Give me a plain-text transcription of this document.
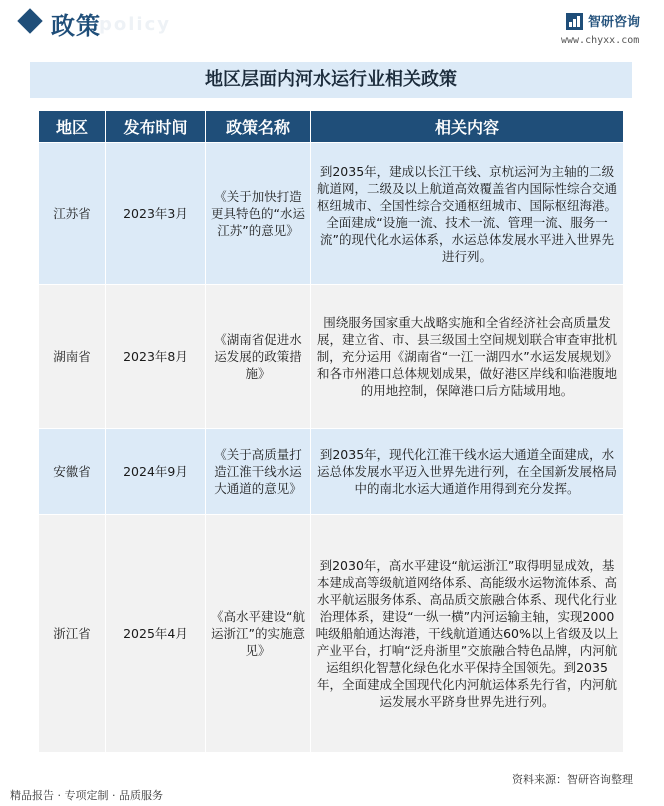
政策
policy	智研咨询
www.chyxx.com
地区层面内河水运行业相关政策
地区	发布时间	政策名称	相关内容
江苏省	2023年3月	《关于加快打造更具特色的“水运江苏”的意见》	到2035年，建成以长江干线、京杭运河为主轴的二级航道网，二级及以上航道高效覆盖省内国际性综合交通枢纽城市、全国性综合交通枢纽城市、国际枢纽海港。全面建成“设施一流、技术一流、管理一流、服务一流”的现代化水运体系，水运总体发展水平进入世界先进行列。
湖南省	2023年8月	《湖南省促进水运发展的政策措施》	围绕服务国家重大战略实施和全省经济社会高质量发展，建立省、市、县三级国土空间规划联合审查审批机制，充分运用《湖南省“一江一湖四水”水运发展规划》和各市州港口总体规划成果，做好港区岸线和临港腹地的用地控制，保障港口后方陆域用地。
安徽省	2024年9月	《关于高质量打造江淮干线水运大通道的意见》	到2035年，现代化江淮干线水运大通道全面建成，水运总体发展水平迈入世界先进行列，在全国新发展格局中的南北水运大通道作用得到充分发挥。
浙江省	2025年4月	《高水平建设“航运浙江”的实施意见》	到2030年，高水平建设“航运浙江”取得明显成效，基本建成高等级航道网络体系、高能级水运物流体系、高水平航运服务体系、高品质交旅融合体系、现代化行业治理体系，建设“一纵一横”内河运输主轴，实现2000吨级船舶通达海港，干线航道通达60%以上省级及以上产业平台，打响“泛舟浙里”交旅融合特色品牌，内河航运组织化智慧化绿色化水平保持全国领先。到2035年，全面建成全国现代化内河航运体系先行省，内河航运发展水平跻身世界先进行列。
资料来源：智研咨询整理
精品报告 · 专项定制 · 品质服务
